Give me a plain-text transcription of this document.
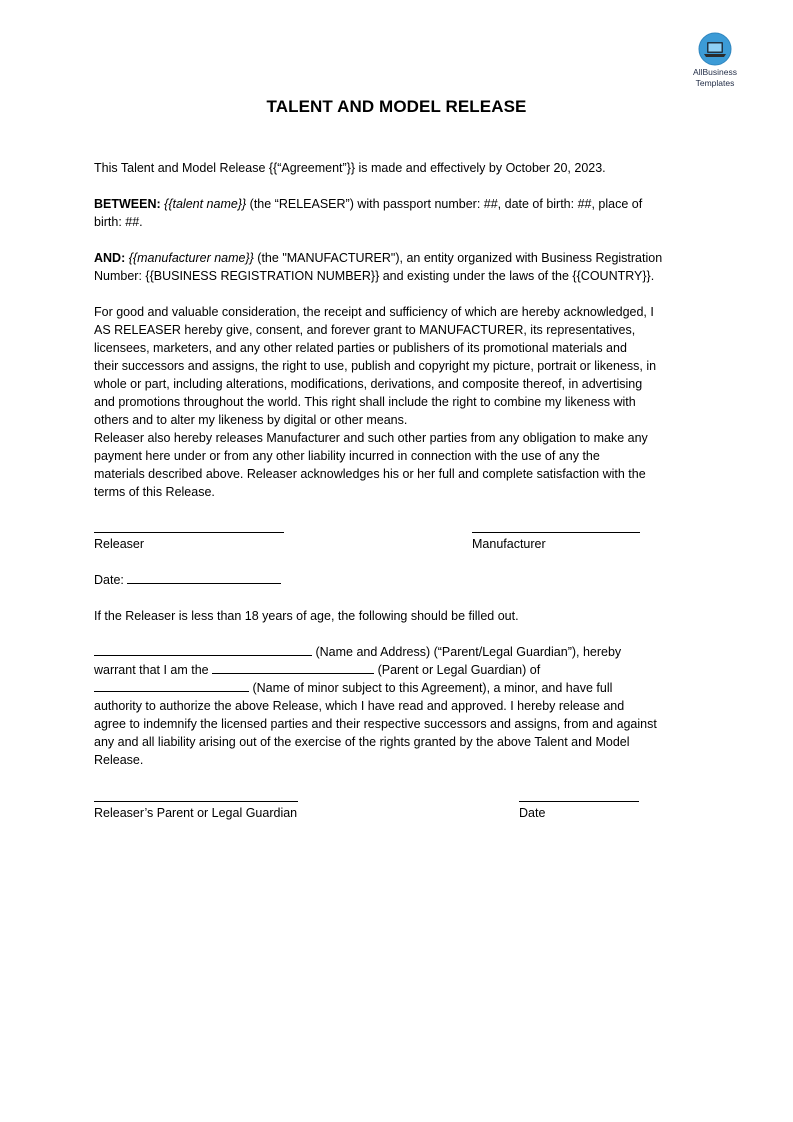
AllBusiness
Templates
TALENT AND MODEL RELEASE

This Talent and Model Release {{“Agreement”}} is made and effectively by October 20, 2023.

BETWEEN: {{talent name}} (the “RELEASER”) with passport number: ##, date of birth: ##, place of

birth: ##.

AND: {{manufacturer name}} (the "MANUFACTURER"), an entity organized with Business Registration

Number: {{BUSINESS REGISTRATION NUMBER}} and existing under the laws of the {{COUNTRY}}.

For good and valuable consideration, the receipt and sufficiency of which are hereby acknowledged, I

AS RELEASER hereby give, consent, and forever grant to MANUFACTURER, its representatives,

licensees, marketers, and any other related parties or publishers of its promotional materials and

their successors and assigns, the right to use, publish and copyright my picture, portrait or likeness, in

whole or part, including alterations, modifications, derivations, and composite thereof, in advertising

and promotions throughout the world. This right shall include the right to combine my likeness with

others and to alter my likeness by digital or other means.

Releaser also hereby releases Manufacturer and such other parties from any obligation to make any

payment here under or from any other liability incurred in connection with the use of any the

materials described above. Releaser acknowledges his or her full and complete satisfaction with the

terms of this Release.

Releaser	Manufacturer
Date:

If the Releaser is less than 18 years of age, the following should be filled out.

(Name and Address) (“Parent/Legal Guardian”), hereby

warrant that I am the	(Parent or Legal Guardian) of

(Name of minor subject to this Agreement), a minor, and have full

authority to authorize the above Release, which I have read and approved. I hereby release and

agree to indemnify the licensed parties and their respective successors and assigns, from and against

any and all liability arising out of the exercise of the rights granted by the above Talent and Model

Release.

Releaser’s Parent or Legal Guardian	Date
